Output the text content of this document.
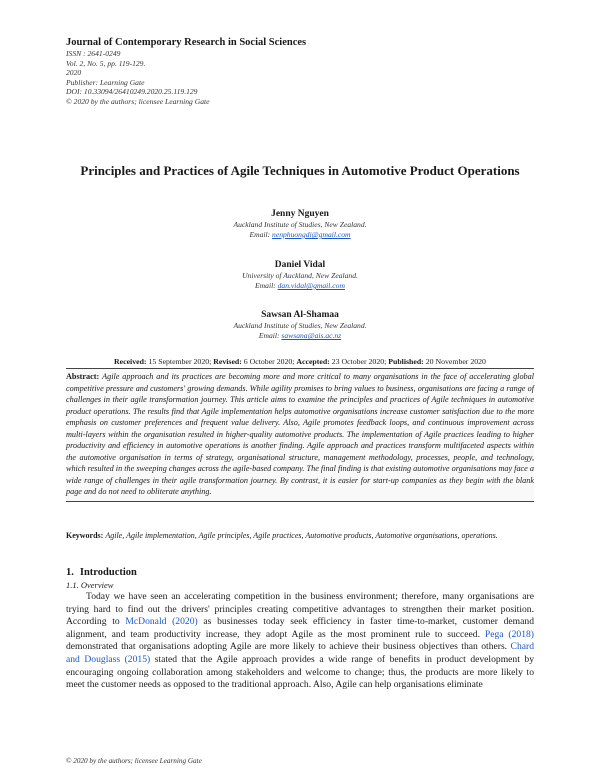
Journal of Contemporary Research in Social Sciences
ISSN : 2641-0249
Vol. 2, No. 5, pp. 119-129.
2020
Publisher: Learning Gate
DOI: 10.33094/26410249.2020.25.119.129
© 2020 by the authors; licensee Learning Gate
Principles and Practices of Agile Techniques in Automotive Product Operations
Jenny Nguyen
Auckland Institute of Studies, New Zealand.
Email: nenphuongdi@gmail.com
Daniel Vidal
University of Auckland, New Zealand.
Email: dan.vidal@gmail.com
Sawsan Al-Shamaa
Auckland Institute of Studies, New Zealand.
Email: sawsana@ais.ac.nz
Received: 15 September 2020; Revised: 6 October 2020; Accepted: 23 October 2020; Published: 20 November 2020

Abstract: Agile approach and its practices are becoming more and more critical to many organisations in the face of accelerating global competitive pressure and customers' growing demands. While agility promises to bring values to business, organisations are facing a range of challenges in their agile transformation journey. This article aims to examine the principles and practices of Agile techniques in automotive product operations. The results find that Agile implementation helps automotive organisations increase customer satisfaction due to the more emphasis on customer preferences and frequent value delivery. Also, Agile promotes feedback loops, and continuous improvement across multi-layers within the organisation resulted in higher-quality automotive products. The implementation of Agile practices leading to higher productivity and efficiency in automotive operations is another finding. Agile approach and practices transform multifaceted aspects within the automotive organisation in terms of strategy, organisational structure, management methodology, processes, people, and technology, which resulted in the sweeping changes across the agile-based company. The final finding is that existing automotive organisations may face a wide range of challenges in their agile transformation journey. By contrast, it is easier for start-up companies as they begin with the blank page and do not need to obliterate anything.

Keywords: Agile, Agile implementation, Agile principles, Agile practices, Automotive products, Automotive organisations, operations.

1. Introduction
1.1. Overview

Today we have seen an accelerating competition in the business environment; therefore, many organisations are trying hard to find out the drivers' principles creating competitive advantages to strengthen their market position. According to McDonald (2020) as businesses today seek efficiency in faster time-to-market, customer demand alignment, and team productivity increase, they adopt Agile as the most prominent rule to succeed. Pega (2018) demonstrated that organisations adopting Agile are more likely to achieve their business objectives than others. Chard and Douglass (2015) stated that the Agile approach provides a wide range of benefits in product development by encouraging ongoing collaboration among stakeholders and welcome to change; thus, the products are more likely to meet the customer needs as opposed to the traditional approach. Also, Agile can help organisations eliminate

© 2020 by the authors; licensee Learning Gate
